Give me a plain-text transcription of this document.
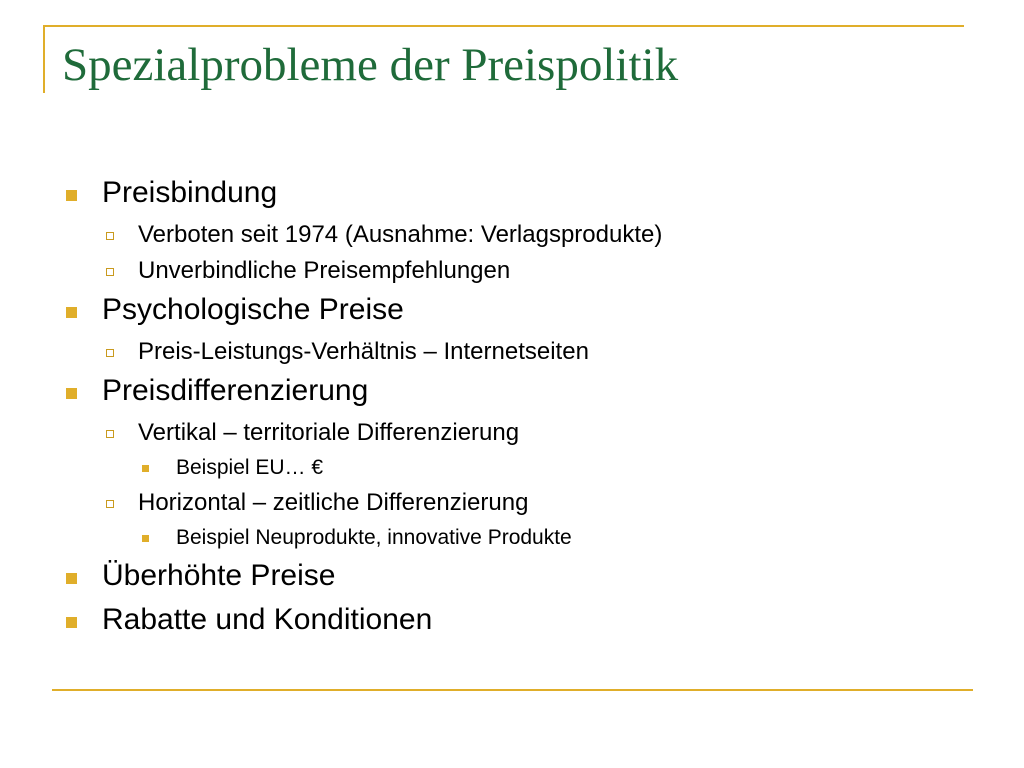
Spezialprobleme der Preispolitik
Preisbindung
Verboten seit 1974 (Ausnahme: Verlagsprodukte)
Unverbindliche Preisempfehlungen
Psychologische Preise
Preis-Leistungs-Verhältnis – Internetseiten
Preisdifferenzierung
Vertikal – territoriale Differenzierung
Beispiel EU… €
Horizontal – zeitliche Differenzierung
Beispiel Neuprodukte, innovative Produkte
Überhöhte Preise
Rabatte und Konditionen
